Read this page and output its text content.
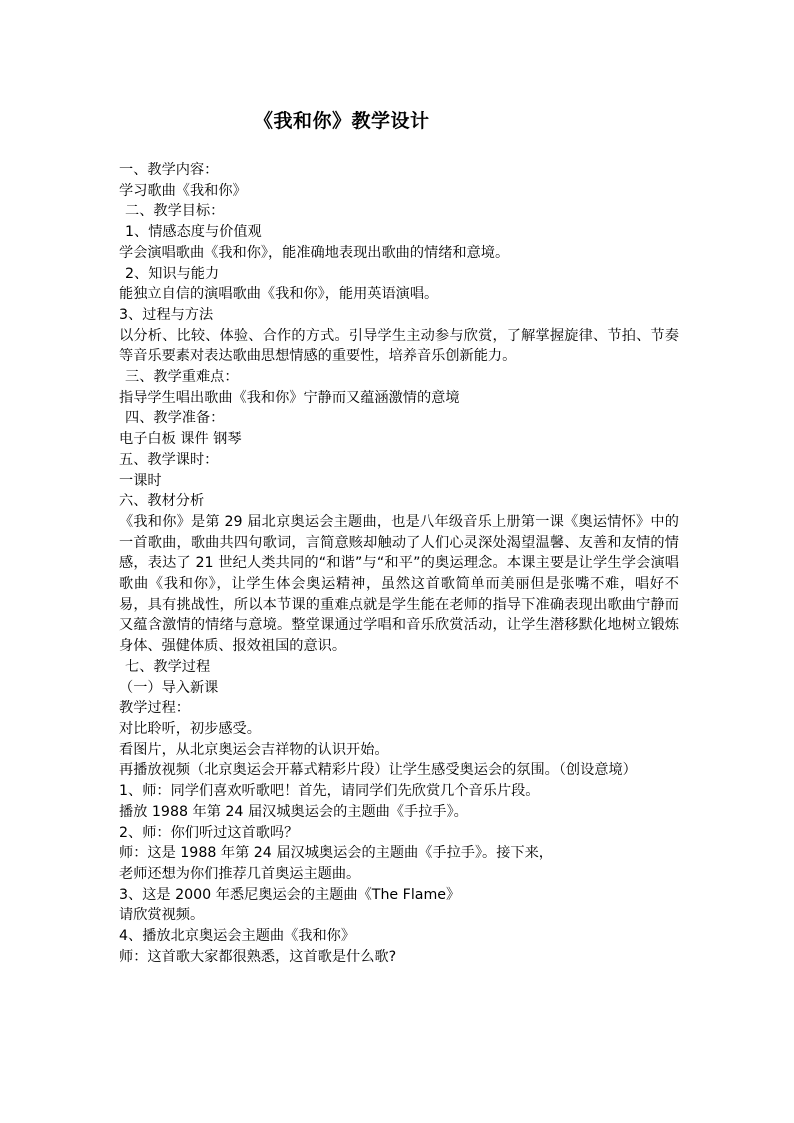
《我和你》教学设计

一、教学内容：

学习歌曲《我和你》

二、教学目标：

1、情感态度与价值观

学会演唱歌曲《我和你》，能准确地表现出歌曲的情绪和意境。

2、知识与能力

能独立自信的演唱歌曲《我和你》，能用英语演唱。

3、过程与方法

以分析、比较、体验、合作的方式。引导学生主动参与欣赏，了解掌握旋律、节拍、节奏等音乐要素对表达歌曲思想情感的重要性，培养音乐创新能力。

三、教学重难点：

指导学生唱出歌曲《我和你》宁静而又蕴涵激情的意境

四、教学准备：

电子白板 课件 钢琴

五、教学课时：

一课时

六、教材分析

《我和你》是第 29 届北京奥运会主题曲，也是八年级音乐上册第一课《奥运情怀》中的一首歌曲，歌曲共四句歌词，言简意赅却触动了人们心灵深处渴望温馨、友善和友情的情感，表达了 21 世纪人类共同的“和谐”与“和平”的奥运理念。本课主要是让学生学会演唱歌曲《我和你》，让学生体会奥运精神，虽然这首歌简单而美丽但是张嘴不难，唱好不易，具有挑战性，所以本节课的重难点就是学生能在老师的指导下准确表现出歌曲宁静而又蕴含激情的情绪与意境。整堂课通过学唱和音乐欣赏活动，让学生潜移默化地树立锻炼身体、强健体质、报效祖国的意识。

七、教学过程

（一）导入新课

教学过程：

对比聆听，初步感受。

看图片，从北京奥运会吉祥物的认识开始。

再播放视频（北京奥运会开幕式精彩片段）让学生感受奥运会的氛围。（创设意境）

1、师：同学们喜欢听歌吧！首先，请同学们先欣赏几个音乐片段。

播放 1988 年第 24 届汉城奥运会的主题曲《手拉手》。

2、师：你们听过这首歌吗？

师：这是 1988 年第 24 届汉城奥运会的主题曲《手拉手》。接下来，

老师还想为你们推荐几首奥运主题曲。

3、这是 2000 年悉尼奥运会的主题曲《The Flame》

请欣赏视频。

4、播放北京奥运会主题曲《我和你》

师：这首歌大家都很熟悉，这首歌是什么歌?
